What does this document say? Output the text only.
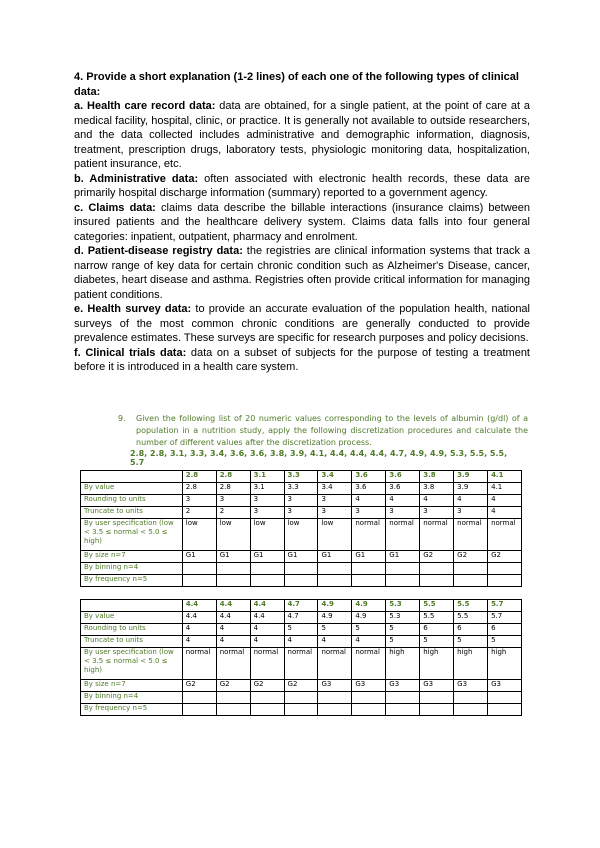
4. Provide a short explanation (1-2 lines) of each one of the following types of clinical data:

a. Health care record data: data are obtained, for a single patient, at the point of care at a medical facility, hospital, clinic, or practice. It is generally not available to outside researchers, and the data collected includes administrative and demographic information, diagnosis, treatment, prescription drugs, laboratory tests, physiologic monitoring data, hospitalization, patient insurance, etc.

b. Administrative data: often associated with electronic health records, these data are primarily hospital discharge information (summary) reported to a government agency.

c. Claims data: claims data describe the billable interactions (insurance claims) between insured patients and the healthcare delivery system. Claims data falls into four general categories: inpatient, outpatient, pharmacy and enrolment.

d. Patient-disease registry data: the registries are clinical information systems that track a narrow range of key data for certain chronic condition such as Alzheimer's Disease, cancer, diabetes, heart disease and asthma. Registries often provide critical information for managing patient conditions.

e. Health survey data: to provide an accurate evaluation of the population health, national surveys of the most common chronic conditions are generally conducted to provide prevalence estimates. These surveys are specific for research purposes and policy decisions.

f. Clinical trials data: data on a subset of subjects for the purpose of testing a treatment before it is introduced in a health care system.

9. Given the following list of 20 numeric values corresponding to the levels of albumin (g/dl) of a population in a nutrition study, apply the following discretization procedures and calculate the number of different values after the discretization process.
2.8, 2.8, 3.1, 3.3, 3.4, 3.6, 3.6, 3.8, 3.9, 4.1, 4.4, 4.4, 4.4, 4.7, 4.9, 4.9, 5.3, 5.5, 5.5, 5.7
	2.8	2.8	3.1	3.3	3.4	3.6	3.6	3.8	3.9	4.1
By value	2.8	2.8	3.1	3.3	3.4	3.6	3.6	3.8	3.9	4.1
Rounding to units	3	3	3	3	3	4	4	4	4	4
Truncate to units	2	2	3	3	3	3	3	3	3	4
By user specification (low < 3.5 ≤ normal < 5.0 ≤ high)	low	low	low	low	low	normal	normal	normal	normal	normal
By size n=7	G1	G1	G1	G1	G1	G1	G1	G2	G2	G2
By binning n=4										
By frequency n=5										
	4.4	4.4	4.4	4.7	4.9	4.9	5.3	5.5	5.5	5.7
By value	4.4	4.4	4.4	4.7	4.9	4.9	5.3	5.5	5.5	5.7
Rounding to units	4	4	4	5	5	5	5	6	6	6
Truncate to units	4	4	4	4	4	4	5	5	5	5
By user specification (low < 3.5 ≤ normal < 5.0 ≤ high)	normal	normal	normal	normal	normal	normal	high	high	high	high
By size n=7	G2	G2	G2	G2	G3	G3	G3	G3	G3	G3
By binning n=4										
By frequency n=5										
